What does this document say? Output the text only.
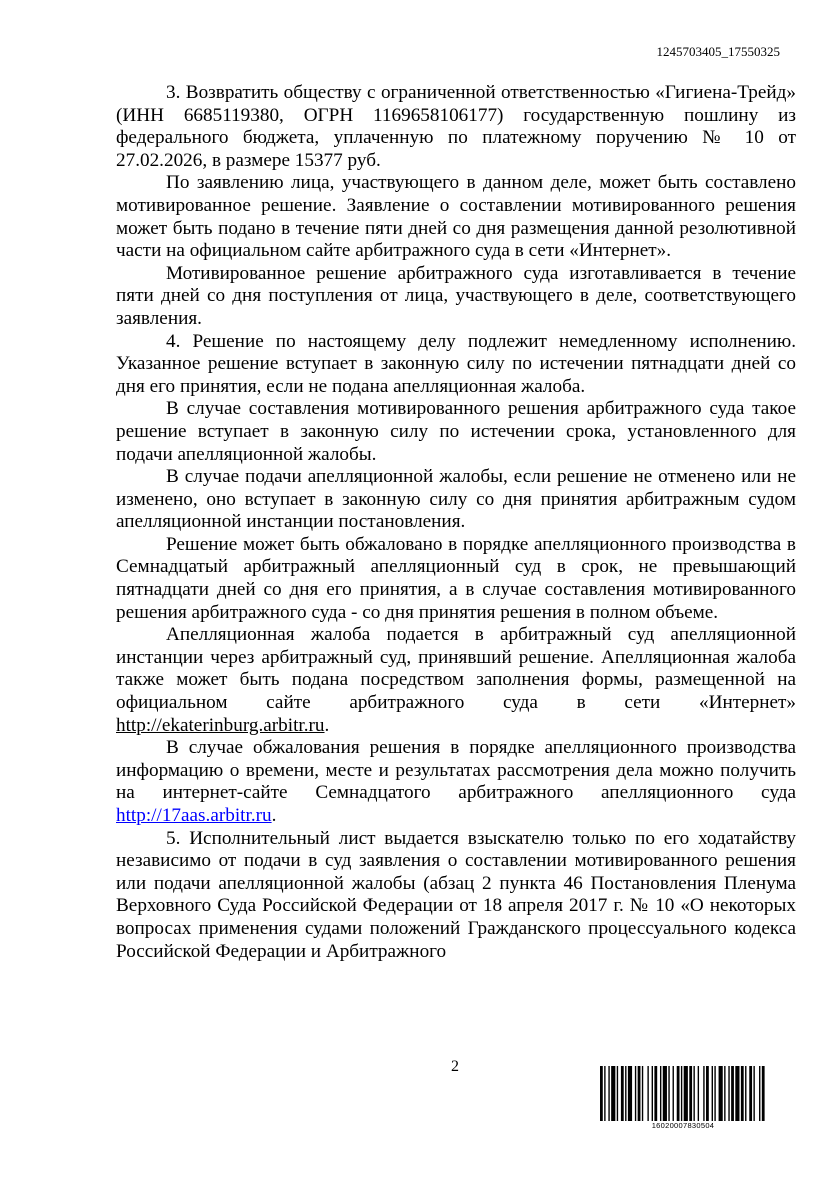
1245703405_17550325

3. Возвратить обществу с ограниченной ответственностью «Гигиена-Трейд» (ИНН 6685119380, ОГРН 1169658106177) государственную пошлину из федерального бюджета, уплаченную по платежному поручению № 10 от 27.02.2026, в размере 15377 руб.

По заявлению лица, участвующего в данном деле, может быть составлено мотивированное решение. Заявление о составлении мотивированного решения может быть подано в течение пяти дней со дня размещения данной резолютивной части на официальном сайте арбитражного суда в сети «Интернет».

Мотивированное решение арбитражного суда изготавливается в течение пяти дней со дня поступления от лица, участвующего в деле, соответствующего заявления.

4. Решение по настоящему делу подлежит немедленному исполнению. Указанное решение вступает в законную силу по истечении пятнадцати дней со дня его принятия, если не подана апелляционная жалоба.

В случае составления мотивированного решения арбитражного суда такое решение вступает в законную силу по истечении срока, установленного для подачи апелляционной жалобы.

В случае подачи апелляционной жалобы, если решение не отменено или не изменено, оно вступает в законную силу со дня принятия арбитражным судом апелляционной инстанции постановления.

Решение может быть обжаловано в порядке апелляционного производства в Семнадцатый арбитражный апелляционный суд в срок, не превышающий пятнадцати дней со дня его принятия, а в случае составления мотивированного решения арбитражного суда - со дня принятия решения в полном объеме.

Апелляционная жалоба подается в арбитражный суд апелляционной инстанции через арбитражный суд, принявший решение. Апелляционная жалоба также может быть подана посредством заполнения формы, размещенной на официальном сайте арбитражного суда в сети «Интернет» http://ekaterinburg.arbitr.ru.

В случае обжалования решения в порядке апелляционного производства информацию о времени, месте и результатах рассмотрения дела можно получить на интернет-сайте Семнадцатого арбитражного апелляционного суда http://17aas.arbitr.ru.

5. Исполнительный лист выдается взыскателю только по его ходатайству независимо от подачи в суд заявления о составлении мотивированного решения или подачи апелляционной жалобы (абзац 2 пункта 46 Постановления Пленума Верховного Суда Российской Федерации от 18 апреля 2017 г. № 10 «О некоторых вопросах применения судами положений Гражданского процессуального кодекса Российской Федерации и Арбитражного

2
16020007830504
